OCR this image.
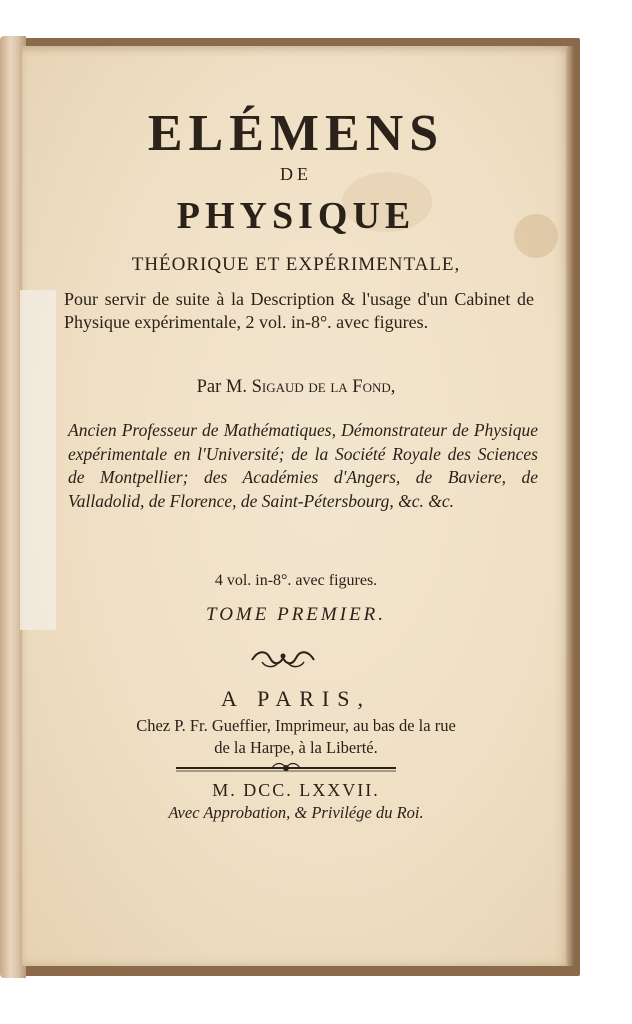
ELÉMENS
DE
PHYSIQUE
THÉORIQUE ET EXPÉRIMENTALE,
Pour servir de suite à la Description & l'usage d'un Cabinet de Physique expérimentale, 2 vol. in-8°. avec figures.
Par M. Sigaud de la Fond,
Ancien Professeur de Mathématiques, Démonstrateur de Physique expérimentale en l'Université; de la Société Royale des Sciences de Montpellier; des Académies d'Angers, de Baviere, de Valladolid, de Florence, de Saint-Pétersbourg, &c. &c.
4 vol. in-8°. avec figures.
TOME PREMIER.
A PARIS,
Chez P. Fr. Gueffier, Imprimeur, au bas de la rue
de la Harpe, à la Liberté.
M. DCC. LXXVII.
Avec Approbation, & Privilége du Roi.
